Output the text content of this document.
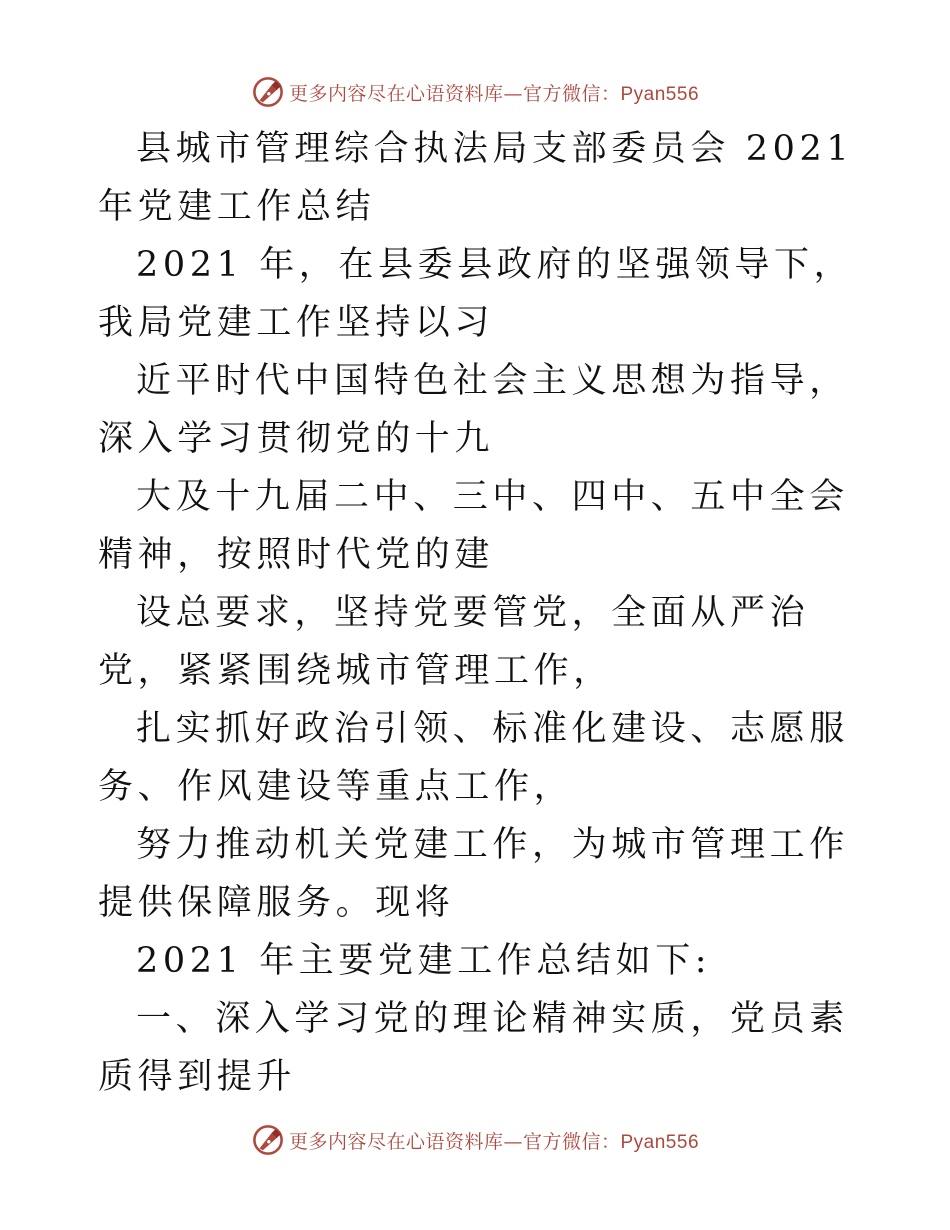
更多内容尽在心语资料库—官方微信：Pyan556

县城市管理综合执法局支部委员会 2021 年党建工作总结

2021 年，在县委县政府的坚强领导下，我局党建工作坚持以习

近平时代中国特色社会主义思想为指导，深入学习贯彻党的十九

大及十九届二中、三中、四中、五中全会精神，按照时代党的建

设总要求，坚持党要管党，全面从严治党，紧紧围绕城市管理工作，

扎实抓好政治引领、标准化建设、志愿服务、作风建设等重点工作，

努力推动机关党建工作，为城市管理工作提供保障服务。现将

2021 年主要党建工作总结如下:

一、深入学习党的理论精神实质，党员素质得到提升

更多内容尽在心语资料库—官方微信：Pyan556
